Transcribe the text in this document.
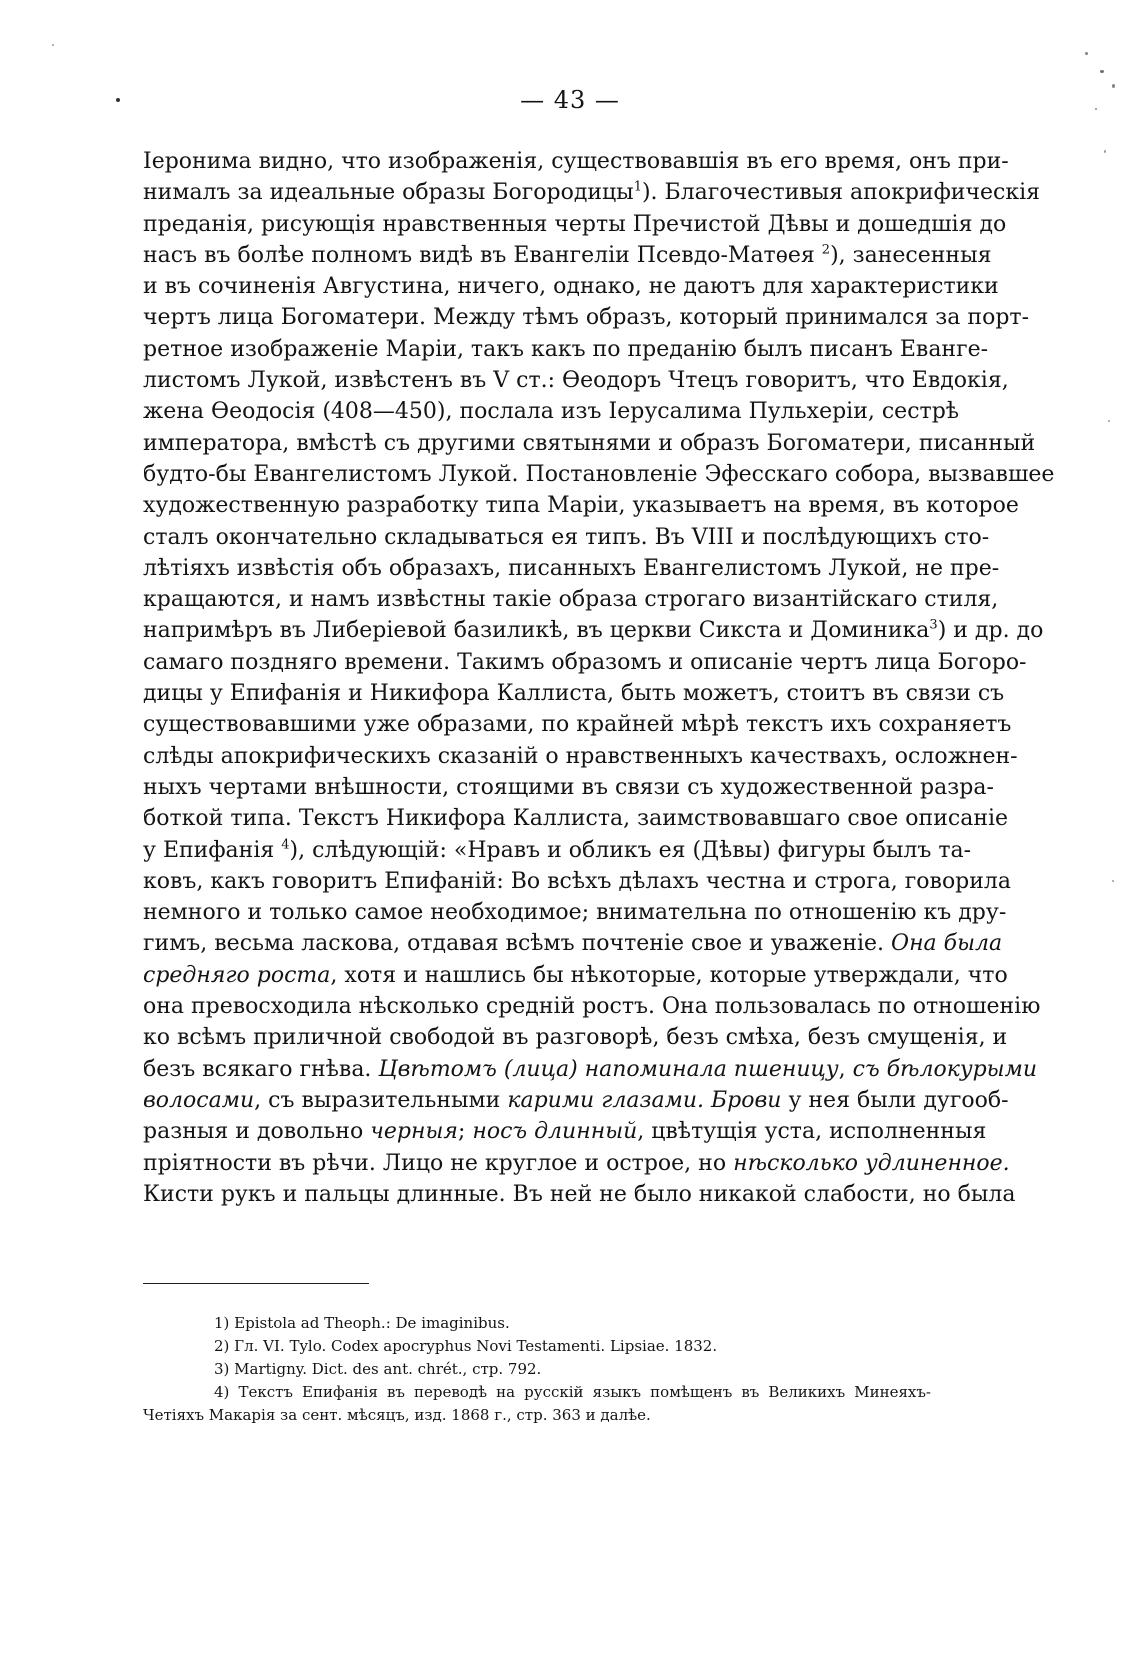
— 43 —
Іеронима видно, что изображенія, существовавшія въ его время, онъ при-
нималъ за идеальные образы Богородицы$^1$). Благочестивыя апокрифическія
преданія, рисующія нравственныя черты Пречистой Дѣвы и дошедшія до
насъ въ болѣе полномъ видѣ въ Евангеліи Псевдо-Матѳея $^2$), занесенныя
и въ сочиненія Августина, ничего, однако, не даютъ для характеристики
чертъ лица Богоматери. Между тѣмъ образъ, который принимался за порт-
ретное изображеніе Маріи, такъ какъ по преданію былъ писанъ Еванге-
листомъ Лукой, извѣстенъ въ V ст.: Ѳеодоръ Чтецъ говоритъ, что Евдокія,
жена Ѳеодосія (408—450), послала изъ Іерусалима Пульхеріи, сестрѣ
императора, вмѣстѣ съ другими святынями и образъ Богоматери, писанный
будто-бы Евангелистомъ Лукой. Постановленіе Эфесскаго собора, вызвавшее
художественную разработку типа Маріи, указываетъ на время, въ которое
сталъ окончательно складываться ея типъ. Въ VIII и послѣдующихъ сто-
лѣтіяхъ извѣстія объ образахъ, писанныхъ Евангелистомъ Лукой, не пре-
кращаются, и намъ извѣстны такіе образа строгаго византійскаго стиля,
напримѣръ въ Либеріевой базиликѣ, въ церкви Сикста и Доминика$^3$) и др. до
самаго поздняго времени. Такимъ образомъ и описаніе чертъ лица Богоро-
дицы у Епифанія и Никифора Каллиста, быть можетъ, стоитъ въ связи съ
существовавшими уже образами, по крайней мѣрѣ текстъ ихъ сохраняетъ
слѣды апокрифическихъ сказаній о нравственныхъ качествахъ, осложнен-
ныхъ чертами внѣшности, стоящими въ связи съ художественной разра-
боткой типа. Текстъ Никифора Каллиста, заимствовавшаго свое описаніе
у Епифанія $^4$), слѣдующій: «Нравъ и обликъ ея (Дѣвы) фигуры былъ та-
ковъ, какъ говоритъ Епифаній: Во всѣхъ дѣлахъ честна и строга, говорила
немного и только самое необходимое; внимательна по отношенію къ дру-
гимъ, весьма ласкова, отдавая всѣмъ почтеніе свое и уваженіе. Она была
средняго роста, хотя и нашлись бы нѣкоторые, которые утверждали, что
она превосходила нѣсколько средній ростъ. Она пользовалась по отношенію
ко всѣмъ приличной свободой въ разговорѣ, безъ смѣха, безъ смущенія, и
безъ всякаго гнѣва. Цвѣтомъ (лица) напоминала пшеницу, съ бѣлокурыми
волосами, съ выразительными карими глазами. Брови у нея были дугооб-
разныя и довольно черныя; носъ длинный, цвѣтущія уста, исполненныя
пріятности въ рѣчи. Лицо не круглое и острое, но нѣсколько удлиненное.
Кисти рукъ и пальцы длинные. Въ ней не было никакой слабости, но была
1) Epistola ad Theoph.: De imaginibus.
2) Гл. VI. Tylo. Codex apocryphus Novi Testamenti. Lipsiae. 1832.
3) Martigny. Dict. des ant. chrét., стр. 792.
4) Текстъ Епифанія въ переводѣ на русскій языкъ помѣщенъ въ Великихъ Минеяхъ-
Четіяхъ Макарія за сент. мѣсяцъ, изд. 1868 г., стр. 363 и далѣе.
